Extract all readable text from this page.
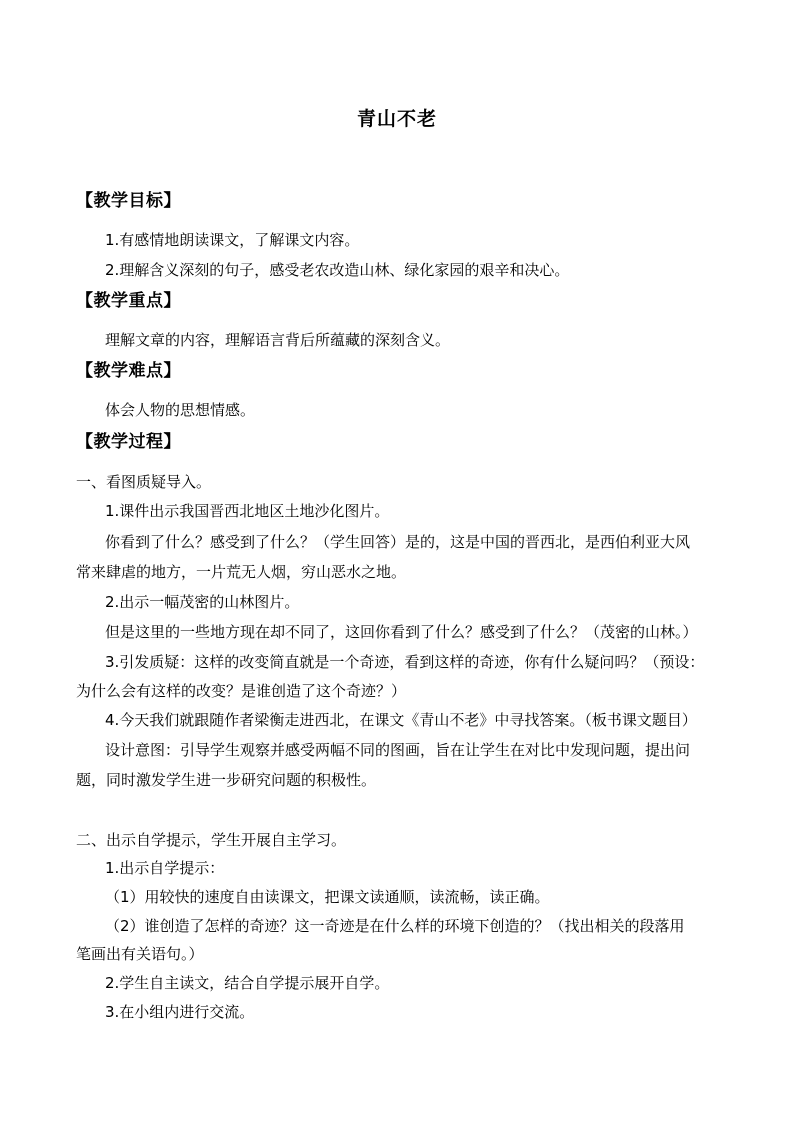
青山不老
【教学目标】
1.有感情地朗读课文，了解课文内容。
2.理解含义深刻的句子，感受老农改造山林、绿化家园的艰辛和决心。
【教学重点】
理解文章的内容，理解语言背后所蕴藏的深刻含义。
【教学难点】
体会人物的思想情感。
【教学过程】
一、看图质疑导入。
1.课件出示我国晋西北地区土地沙化图片。
你看到了什么？感受到了什么？（学生回答）是的，这是中国的晋西北，是西伯利亚大风
常来肆虐的地方，一片荒无人烟，穷山恶水之地。
2.出示一幅茂密的山林图片。
但是这里的一些地方现在却不同了，这回你看到了什么？感受到了什么？（茂密的山林。）
3.引发质疑：这样的改变简直就是一个奇迹，看到这样的奇迹，你有什么疑问吗？（预设：
为什么会有这样的改变？是谁创造了这个奇迹？）
4.今天我们就跟随作者梁衡走进西北，在课文《青山不老》中寻找答案。（板书课文题目）
设计意图：引导学生观察并感受两幅不同的图画，旨在让学生在对比中发现问题，提出问
题，同时激发学生进一步研究问题的积极性。
二、出示自学提示，学生开展自主学习。
1.出示自学提示：
（1）用较快的速度自由读课文，把课文读通顺，读流畅，读正确。
（2）谁创造了怎样的奇迹？这一奇迹是在什么样的环境下创造的？（找出相关的段落用
笔画出有关语句。）
2.学生自主读文，结合自学提示展开自学。
3.在小组内进行交流。
